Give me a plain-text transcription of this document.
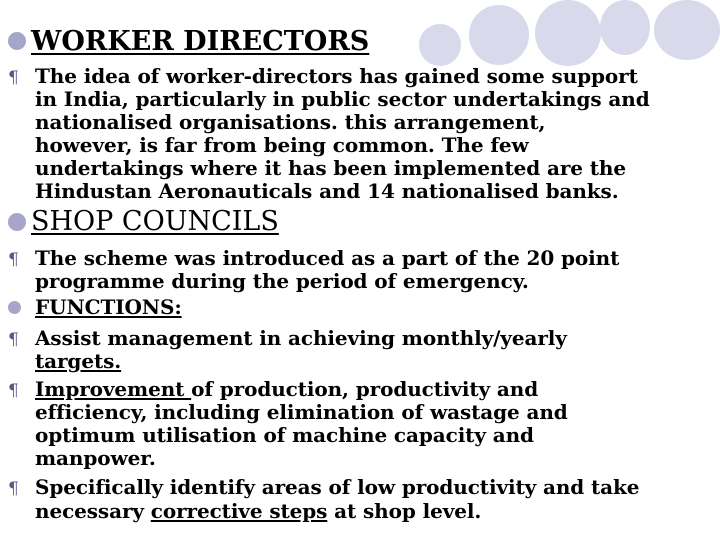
WORKER DIRECTORS
¶ The idea of worker-directors has gained some support
in India, particularly in public sector undertakings and
nationalised organisations. this arrangement,
however, is far from being common. The few
undertakings where it has been implemented are the
Hindustan Aeronauticals and 14 nationalised banks.
SHOP COUNCILS
¶ The scheme was introduced as a part of the 20 point
programme during the period of emergency.
FUNCTIONS:
¶ Assist management in achieving monthly/yearly
targets.
¶ Improvement of production, productivity and
efficiency, including elimination of wastage and
optimum utilisation of machine capacity and
manpower.
¶ Specifically identify areas of low productivity and take
necessary corrective steps at shop level.
